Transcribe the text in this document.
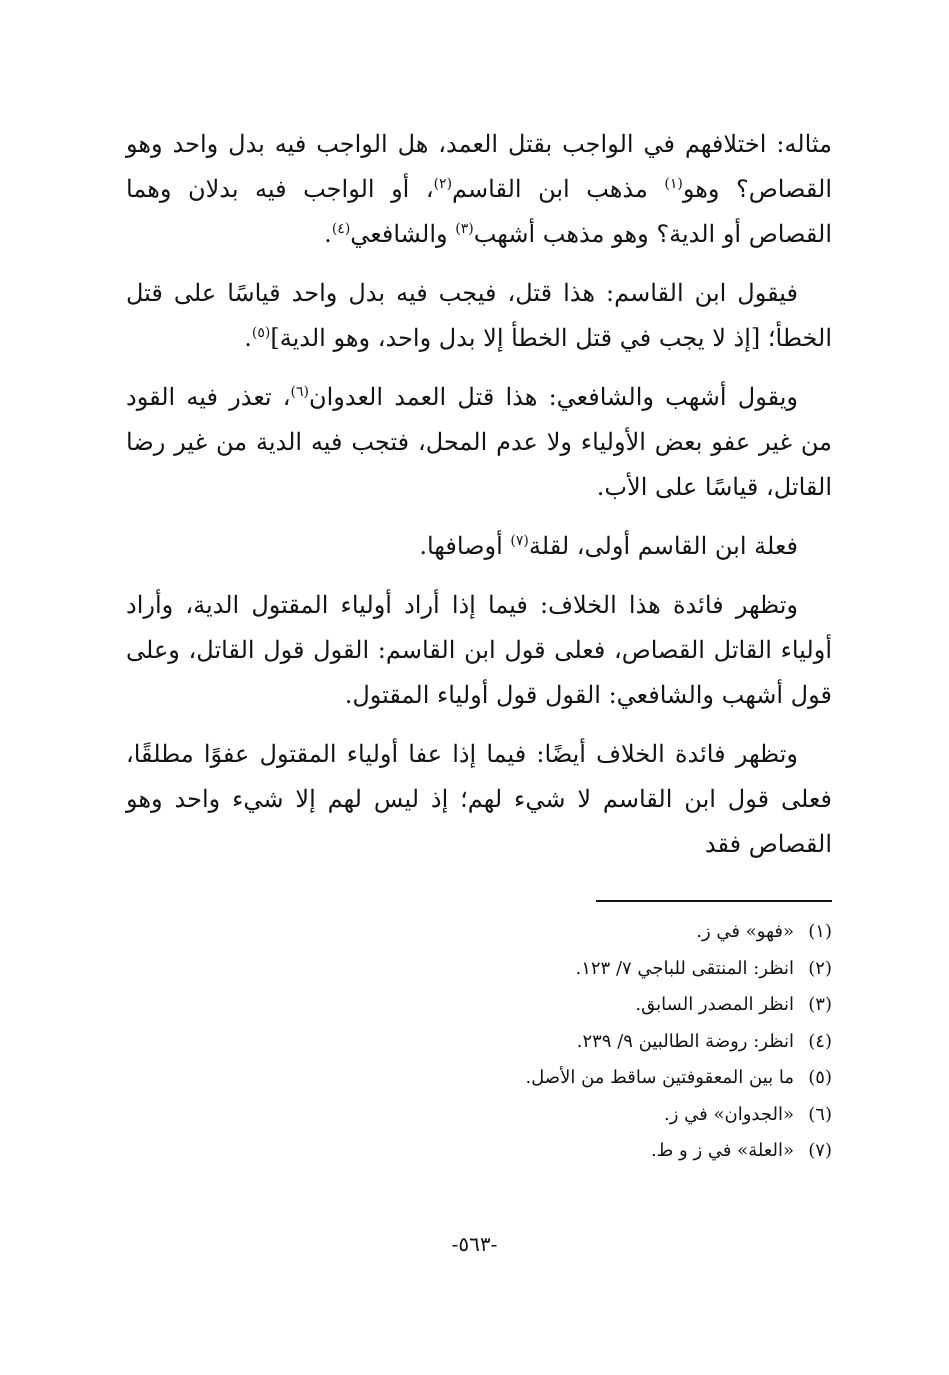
مثاله: اختلافهم في الواجب بقتل العمد، هل الواجب فيه بدل واحد وهو القصاص؟ وهو$^{(١)}$ مذهب ابن القاسم$^{(٢)}$، أو الواجب فيه بدلان وهما القصاص أو الدية؟ وهو مذهب أشهب$^{(٣)}$ والشافعي$^{(٤)}$.

فيقول ابن القاسم: هذا قتل، فيجب فيه بدل واحد قياسًا على قتل الخطأ؛ [إذ لا يجب في قتل الخطأ إلا بدل واحد، وهو الدية]$^{(٥)}$.

ويقول أشهب والشافعي: هذا قتل العمد العدوان$^{(٦)}$، تعذر فيه القود من غير عفو بعض الأولياء ولا عدم المحل، فتجب فيه الدية من غير رضا القاتل، قياسًا على الأب.

فعلة ابن القاسم أولى، لقلة$^{(٧)}$ أوصافها.

وتظهر فائدة هذا الخلاف: فيما إذا أراد أولياء المقتول الدية، وأراد أولياء القاتل القصاص، فعلى قول ابن القاسم: القول قول القاتل، وعلى قول أشهب والشافعي: القول قول أولياء المقتول.

وتظهر فائدة الخلاف أيضًا: فيما إذا عفا أولياء المقتول عفوًا مطلقًا، فعلى قول ابن القاسم لا شيء لهم؛ إذ ليس لهم إلا شيء واحد وهو القصاص فقد

(١)«فهو» في ز.
(٢)انظر: المنتقى للباجي ٧/ ١٢٣.
(٣)انظر المصدر السابق.
(٤)انظر: روضة الطالبين ٩/ ٢٣٩.
(٥)ما بين المعقوفتين ساقط من الأصل.
(٦)«الجدوان» في ز.
(٧)«العلة» في ز و ط.
-٥٦٣-
